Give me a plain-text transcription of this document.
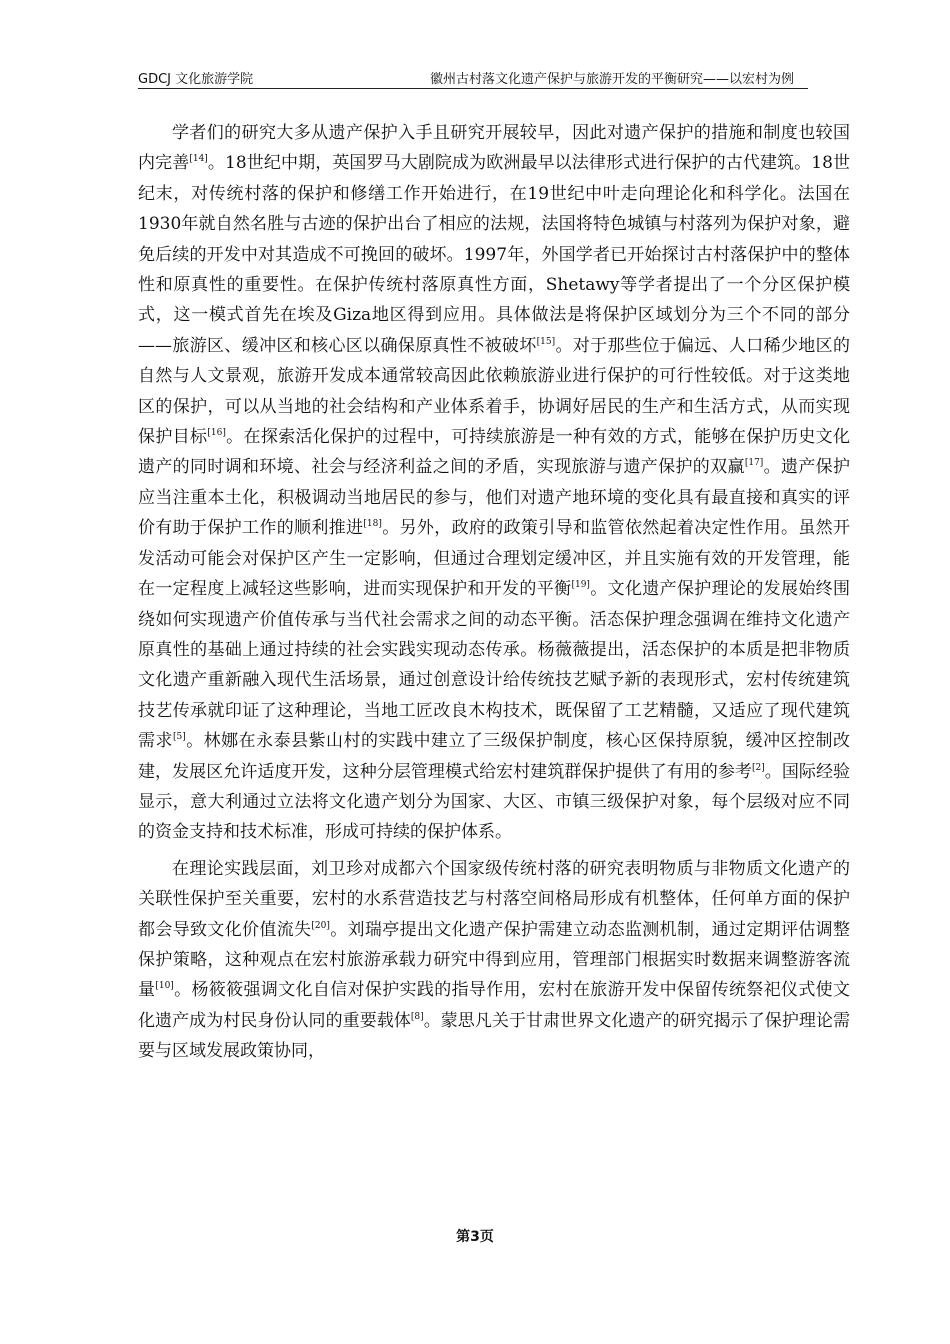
GDCJ 文化旅游学院	徽州古村落文化遗产保护与旅游开发的平衡研究——以宏村为例

学者们的研究大多从遗产保护入手且研究开展较早，因此对遗产保护的措施和制度也较国内完善[14]。18世纪中期，英国罗马大剧院成为欧洲最早以法律形式进行保护的古代建筑。18世纪末，对传统村落的保护和修缮工作开始进行，在19世纪中叶走向理论化和科学化。法国在1930年就自然名胜与古迹的保护出台了相应的法规，法国将特色城镇与村落列为保护对象，避免后续的开发中对其造成不可挽回的破坏。1997年，外国学者已开始探讨古村落保护中的整体性和原真性的重要性。在保护传统村落原真性方面，Shetawy等学者提出了一个分区保护模式，这一模式首先在埃及Giza地区得到应用。具体做法是将保护区域划分为三个不同的部分——旅游区、缓冲区和核心区以确保原真性不被破坏[15]。对于那些位于偏远、人口稀少地区的自然与人文景观，旅游开发成本通常较高因此依赖旅游业进行保护的可行性较低。对于这类地区的保护，可以从当地的社会结构和产业体系着手，协调好居民的生产和生活方式，从而实现保护目标[16]。在探索活化保护的过程中，可持续旅游是一种有效的方式，能够在保护历史文化遗产的同时调和环境、社会与经济利益之间的矛盾，实现旅游与遗产保护的双赢[17]。遗产保护应当注重本土化，积极调动当地居民的参与，他们对遗产地环境的变化具有最直接和真实的评价有助于保护工作的顺利推进[18]。另外，政府的政策引导和监管依然起着决定性作用。虽然开发活动可能会对保护区产生一定影响，但通过合理划定缓冲区，并且实施有效的开发管理，能在一定程度上减轻这些影响，进而实现保护和开发的平衡[19]。文化遗产保护理论的发展始终围绕如何实现遗产价值传承与当代社会需求之间的动态平衡。活态保护理念强调在维持文化遗产原真性的基础上通过持续的社会实践实现动态传承。杨薇薇提出，活态保护的本质是把非物质文化遗产重新融入现代生活场景，通过创意设计给传统技艺赋予新的表现形式，宏村传统建筑技艺传承就印证了这种理论，当地工匠改良木构技术，既保留了工艺精髓，又适应了现代建筑需求[5]。林娜在永泰县紫山村的实践中建立了三级保护制度，核心区保持原貌，缓冲区控制改建，发展区允许适度开发，这种分层管理模式给宏村建筑群保护提供了有用的参考[2]。国际经验显示，意大利通过立法将文化遗产划分为国家、大区、市镇三级保护对象，每个层级对应不同的资金支持和技术标准，形成可持续的保护体系。

在理论实践层面，刘卫珍对成都六个国家级传统村落的研究表明物质与非物质文化遗产的关联性保护至关重要，宏村的水系营造技艺与村落空间格局形成有机整体，任何单方面的保护都会导致文化价值流失[20]。刘瑞亭提出文化遗产保护需建立动态监测机制，通过定期评估调整保护策略，这种观点在宏村旅游承载力研究中得到应用，管理部门根据实时数据来调整游客流量[10]。杨筱筱强调文化自信对保护实践的指导作用，宏村在旅游开发中保留传统祭祀仪式使文化遗产成为村民身份认同的重要载体[8]。蒙思凡关于甘肃世界文化遗产的研究揭示了保护理论需要与区域发展政策协同，

第3页
